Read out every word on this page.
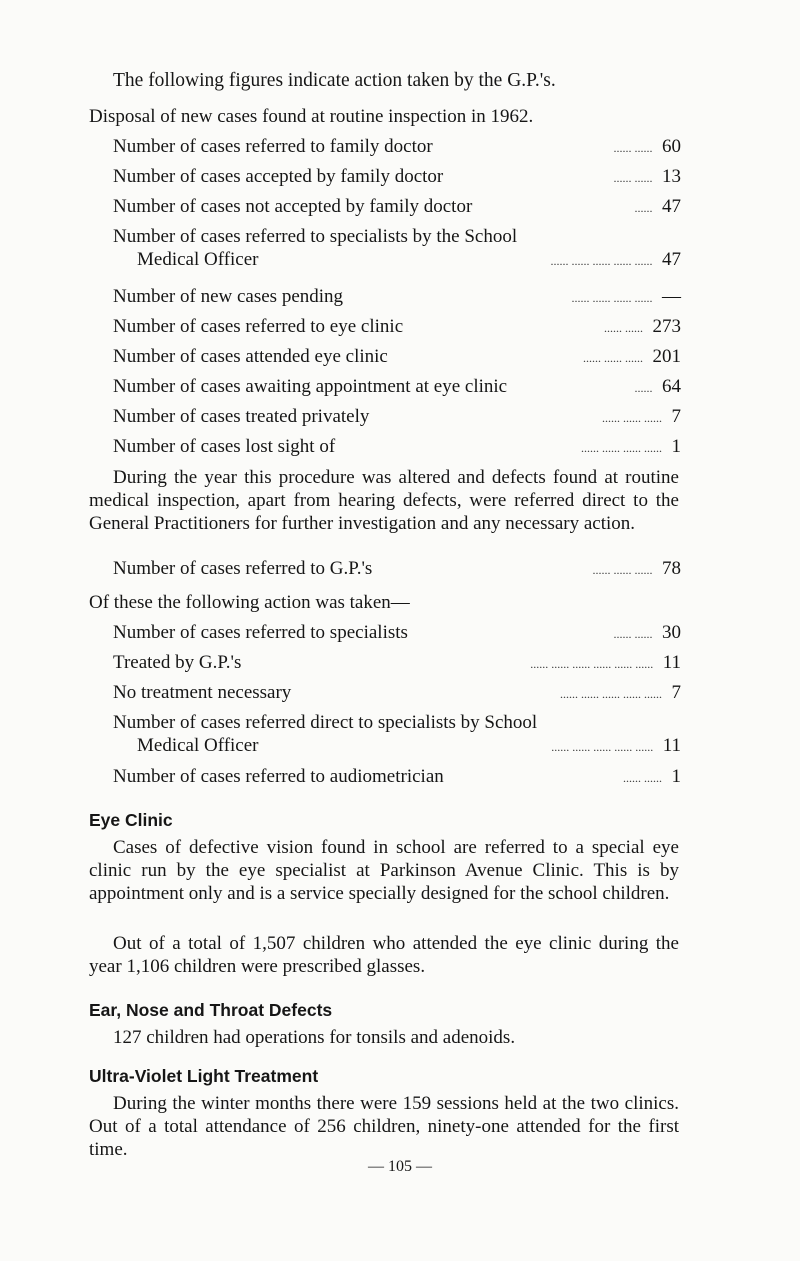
The following figures indicate action taken by the G.P.'s.
Disposal of new cases found at routine inspection in 1962.
Number of cases referred to family doctor	...... ...... 60
Number of cases accepted by family doctor	...... ...... 13
Number of cases not accepted by family doctor	...... 47
Number of cases referred to specialists by the School
Medical Officer	...... ...... ...... ...... ...... 47
Number of new cases pending	...... ...... ...... ...... —
Number of cases referred to eye clinic	...... ...... 273
Number of cases attended eye clinic	...... ...... ...... 201
Number of cases awaiting appointment at eye clinic	...... 64
Number of cases treated privately	...... ...... ...... 7
Number of cases lost sight of	...... ...... ...... ...... 1
During the year this procedure was altered and defects found at routine medical inspection, apart from hearing defects, were referred direct to the General Practitioners for further investigation and any necessary action.
Number of cases referred to G.P.'s	...... ...... ...... 78
Of these the following action was taken—
Number of cases referred to specialists	...... ...... 30
Treated by G.P.'s	...... ...... ...... ...... ...... ...... 11
No treatment necessary	...... ...... ...... ...... ...... 7
Number of cases referred direct to specialists by School
Medical Officer	...... ...... ...... ...... ...... 11
Number of cases referred to audiometrician	...... ...... 1
Eye Clinic
Cases of defective vision found in school are referred to a special eye clinic run by the eye specialist at Parkinson Avenue Clinic. This is by appointment only and is a service specially designed for the school children.
Out of a total of 1,507 children who attended the eye clinic during the year 1,106 children were prescribed glasses.
Ear, Nose and Throat Defects
127 children had operations for tonsils and adenoids.
Ultra-Violet Light Treatment
During the winter months there were 159 sessions held at the two clinics. Out of a total attendance of 256 children, ninety-one attended for the first time.
— 105 —
